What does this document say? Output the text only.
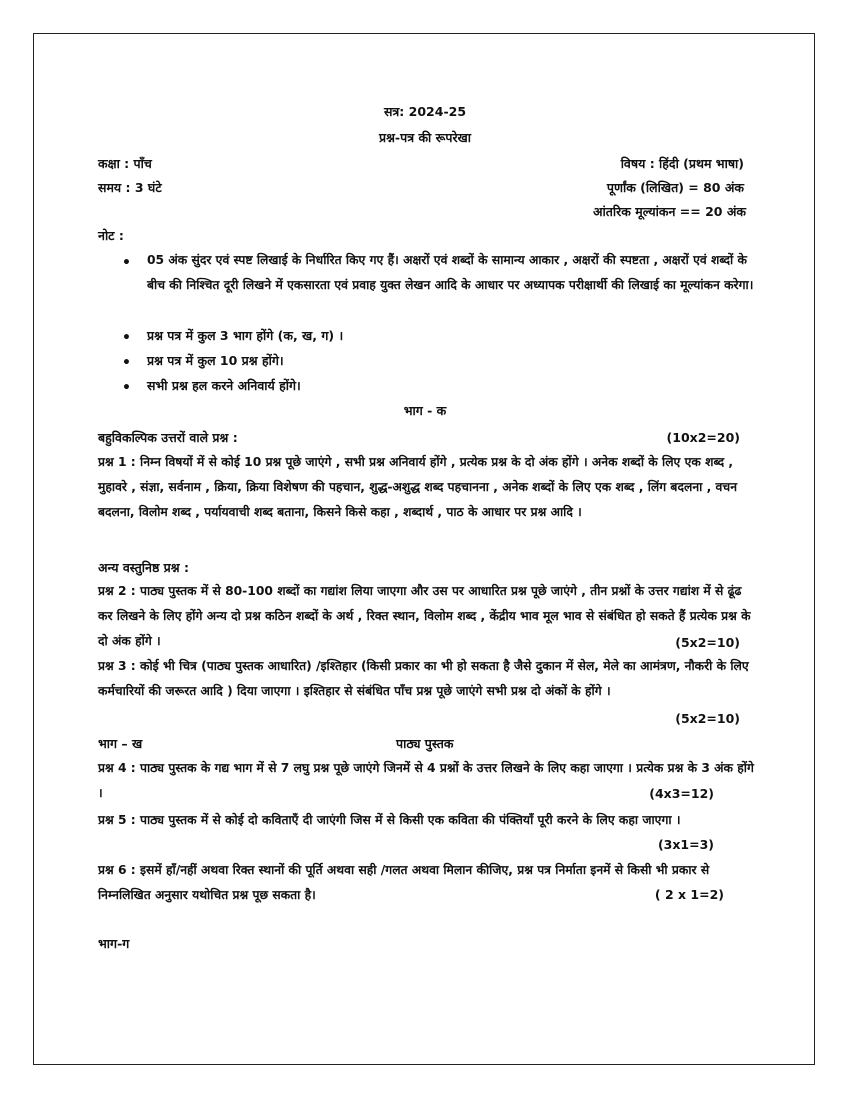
सत्र: 2024-25
प्रश्न-पत्र की रूपरेखा
कक्षा : पाँच	विषय : हिंदी (प्रथम भाषा)
समय : 3 घंटे	पूर्णांक (लिखित) = 80 अंक
आंतरिक मूल्यांकन == 20 अंक
नोट :
• 05 अंक सुंदर एवं स्पष्ट लिखाई के निर्धारित किए गए हैं। अक्षरों एवं शब्दों के सामान्य आकार , अक्षरों की स्पष्टता , अक्षरों एवं शब्दों के बीच की निश्चित दूरी लिखने में एकसारता एवं प्रवाह युक्त लेखन आदि के आधार पर अध्यापक परीक्षार्थी की लिखाई का मूल्यांकन करेगा।
• प्रश्न पत्र में कुल 3 भाग होंगे (क, ख, ग) ।
• प्रश्न पत्र में कुल 10 प्रश्न होंगे।
• सभी प्रश्न हल करने अनिवार्य होंगे।
भाग - क
बहुविकल्पिक उत्तरों वाले प्रश्न :	(10x2=20)
प्रश्न 1 : निम्न विषयों में से कोई 10 प्रश्न पूछे जाएंगे , सभी प्रश्न अनिवार्य होंगे , प्रत्येक प्रश्न के दो अंक होंगे । अनेक शब्दों के लिए एक शब्द , मुहावरे , संज्ञा, सर्वनाम , क्रिया, क्रिया विशेषण की पहचान, शुद्ध-अशुद्ध शब्द पहचानना , अनेक शब्दों के लिए एक शब्द , लिंग बदलना , वचन बदलना, विलोम शब्द , पर्यायवाची शब्द बताना, किसने किसे कहा , शब्दार्थ , पाठ के आधार पर प्रश्न आदि ।
अन्य वस्तुनिष्ठ प्रश्न :
प्रश्न 2 : पाठ्य पुस्तक में से 80-100 शब्दों का गद्यांश लिया जाएगा और उस पर आधारित प्रश्न पूछे जाएंगे , तीन प्रश्नों के उत्तर गद्यांश में से ढूंढ कर लिखने के लिए होंगे अन्य दो प्रश्न कठिन शब्दों के अर्थ , रिक्त स्थान, विलोम शब्द , केंद्रीय भाव मूल भाव से संबंधित हो सकते हैं प्रत्येक प्रश्न के दो अंक होंगे ।	(5x2=10)
प्रश्न 3 : कोई भी चित्र (पाठ्य पुस्तक आधारित) /इश्तिहार (किसी प्रकार का भी हो सकता है जैसे दुकान में सेल, मेले का आमंत्रण, नौकरी के लिए कर्मचारियों की जरूरत आदि ) दिया जाएगा । इश्तिहार से संबंधित पाँच प्रश्न पूछे जाएंगे सभी प्रश्न दो अंकों के होंगे ।
(5x2=10)
भाग – ख	पाठ्य पुस्तक
प्रश्न 4 : पाठ्य पुस्तक के गद्य भाग में से 7 लघु प्रश्न पूछे जाएंगे जिनमें से 4 प्रश्नों के उत्तर लिखने के लिए कहा जाएगा । प्रत्येक प्रश्न के 3 अंक होंगे ।	(4x3=12)
प्रश्न 5 : पाठ्य पुस्तक में से कोई दो कविताएँ दी जाएंगी जिस में से किसी एक कविता की पंक्तियाँ पूरी करने के लिए कहा जाएगा ।
(3x1=3)
प्रश्न 6 : इसमें हाँ/नहीं अथवा रिक्त स्थानों की पूर्ति अथवा सही /गलत अथवा मिलान कीजिए, प्रश्न पत्र निर्माता इनमें से किसी भी प्रकार से निम्नलिखित अनुसार यथोचित प्रश्न पूछ सकता है।	( 2 x 1=2)
भाग-ग
